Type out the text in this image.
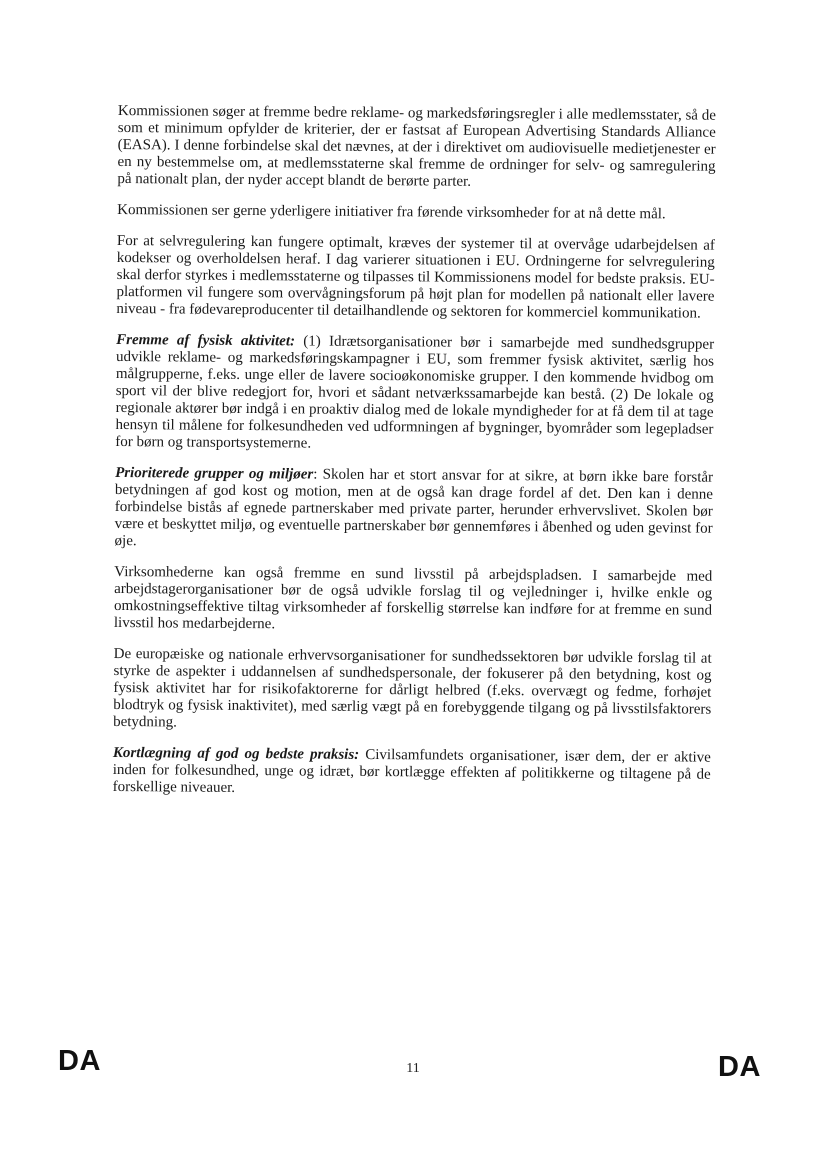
Kommissionen søger at fremme bedre reklame- og markedsføringsregler i alle medlemsstater, så de som et minimum opfylder de kriterier, der er fastsat af European Advertising Standards Alliance (EASA). I denne forbindelse skal det nævnes, at der i direktivet om audiovisuelle medietjenester er en ny bestemmelse om, at medlemsstaterne skal fremme de ordninger for selv- og samregulering på nationalt plan, der nyder accept blandt de berørte parter.

Kommissionen ser gerne yderligere initiativer fra førende virksomheder for at nå dette mål.

For at selvregulering kan fungere optimalt, kræves der systemer til at overvåge udarbejdelsen af kodekser og overholdelsen heraf. I dag varierer situationen i EU. Ordningerne for selvregulering skal derfor styrkes i medlemsstaterne og tilpasses til Kommissionens model for bedste praksis. EU-platformen vil fungere som overvågningsforum på højt plan for modellen på nationalt eller lavere niveau - fra fødevareproducenter til detailhandlende og sektoren for kommerciel kommunikation.

Fremme af fysisk aktivitet: (1) Idrætsorganisationer bør i samarbejde med sundhedsgrupper udvikle reklame- og markedsføringskampagner i EU, som fremmer fysisk aktivitet, særlig hos målgrupperne, f.eks. unge eller de lavere socioøkonomiske grupper. I den kommende hvidbog om sport vil der blive redegjort for, hvori et sådant netværkssamarbejde kan bestå. (2) De lokale og regionale aktører bør indgå i en proaktiv dialog med de lokale myndigheder for at få dem til at tage hensyn til målene for folkesundheden ved udformningen af bygninger, byområder som legepladser for børn og transportsystemerne.

Prioriterede grupper og miljøer: Skolen har et stort ansvar for at sikre, at børn ikke bare forstår betydningen af god kost og motion, men at de også kan drage fordel af det. Den kan i denne forbindelse bistås af egnede partnerskaber med private parter, herunder erhvervslivet. Skolen bør være et beskyttet miljø, og eventuelle partnerskaber bør gennemføres i åbenhed og uden gevinst for øje.

Virksomhederne kan også fremme en sund livsstil på arbejdspladsen. I samarbejde med arbejdstagerorganisationer bør de også udvikle forslag til og vejledninger i, hvilke enkle og omkostningseffektive tiltag virksomheder af forskellig størrelse kan indføre for at fremme en sund livsstil hos medarbejderne.

De europæiske og nationale erhvervsorganisationer for sundhedssektoren bør udvikle forslag til at styrke de aspekter i uddannelsen af sundhedspersonale, der fokuserer på den betydning, kost og fysisk aktivitet har for risikofaktorerne for dårligt helbred (f.eks. overvægt og fedme, forhøjet blodtryk og fysisk inaktivitet), med særlig vægt på en forebyggende tilgang og på livsstilsfaktorers betydning.

Kortlægning af god og bedste praksis: Civilsamfundets organisationer, især dem, der er aktive inden for folkesundhed, unge og idræt, bør kortlægge effekten af politikkerne og tiltagene på de forskellige niveauer.

DA	11	DA
